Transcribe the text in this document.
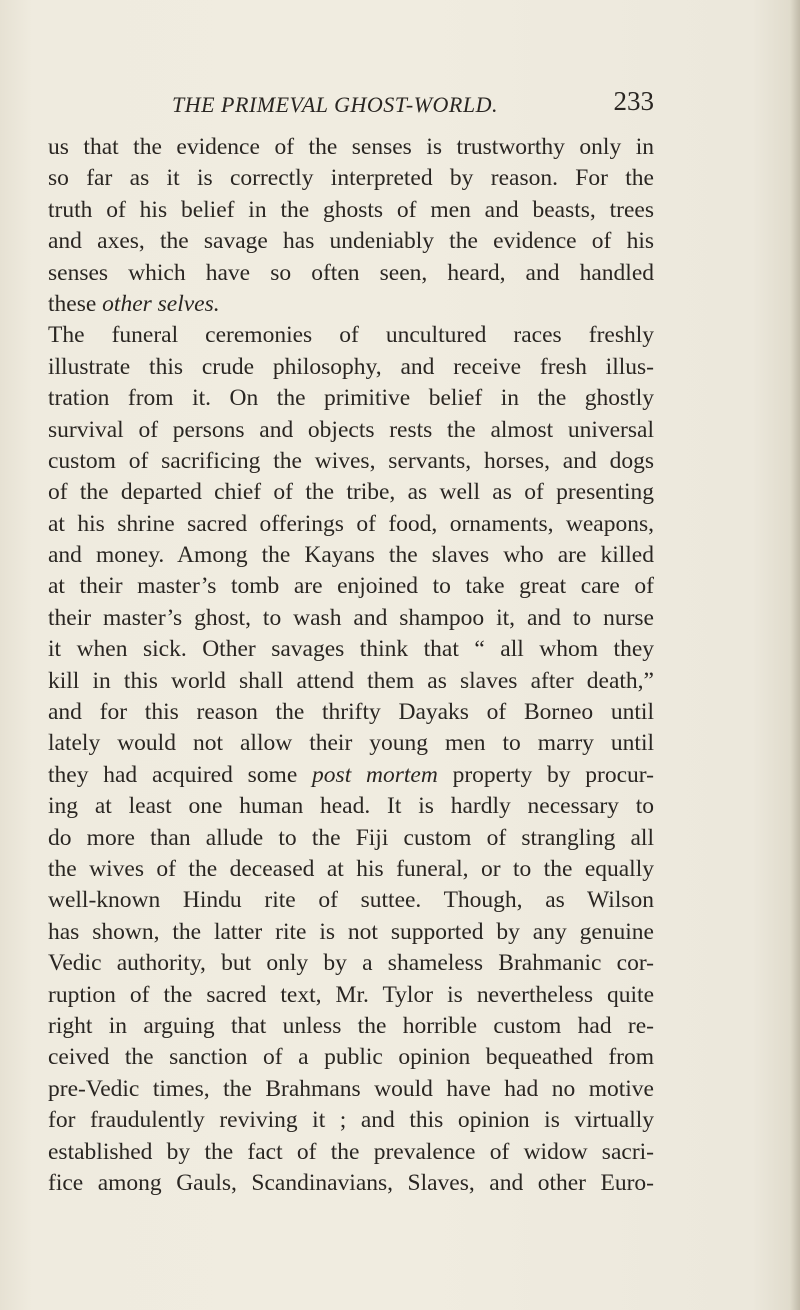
THE PRIMEVAL GHOST-WORLD.	233
us that the evidence of the senses is trustworthy only in
so far as it is correctly interpreted by reason. For the
truth of his belief in the ghosts of men and beasts, trees
and axes, the savage has undeniably the evidence of his
senses which have so often seen, heard, and handled
these other selves.
The funeral ceremonies of uncultured races freshly
illustrate this crude philosophy, and receive fresh illus-
tration from it. On the primitive belief in the ghostly
survival of persons and objects rests the almost universal
custom of sacrificing the wives, servants, horses, and dogs
of the departed chief of the tribe, as well as of presenting
at his shrine sacred offerings of food, ornaments, weapons,
and money. Among the Kayans the slaves who are killed
at their master’s tomb are enjoined to take great care of
their master’s ghost, to wash and shampoo it, and to nurse
it when sick. Other savages think that “ all whom they
kill in this world shall attend them as slaves after death,”
and for this reason the thrifty Dayaks of Borneo until
lately would not allow their young men to marry until
they had acquired some post mortem property by procur-
ing at least one human head. It is hardly necessary to
do more than allude to the Fiji custom of strangling all
the wives of the deceased at his funeral, or to the equally
well-known Hindu rite of suttee. Though, as Wilson
has shown, the latter rite is not supported by any genuine
Vedic authority, but only by a shameless Brahmanic cor-
ruption of the sacred text, Mr. Tylor is nevertheless quite
right in arguing that unless the horrible custom had re-
ceived the sanction of a public opinion bequeathed from
pre-Vedic times, the Brahmans would have had no motive
for fraudulently reviving it ; and this opinion is virtually
established by the fact of the prevalence of widow sacri-
fice among Gauls, Scandinavians, Slaves, and other Euro-
